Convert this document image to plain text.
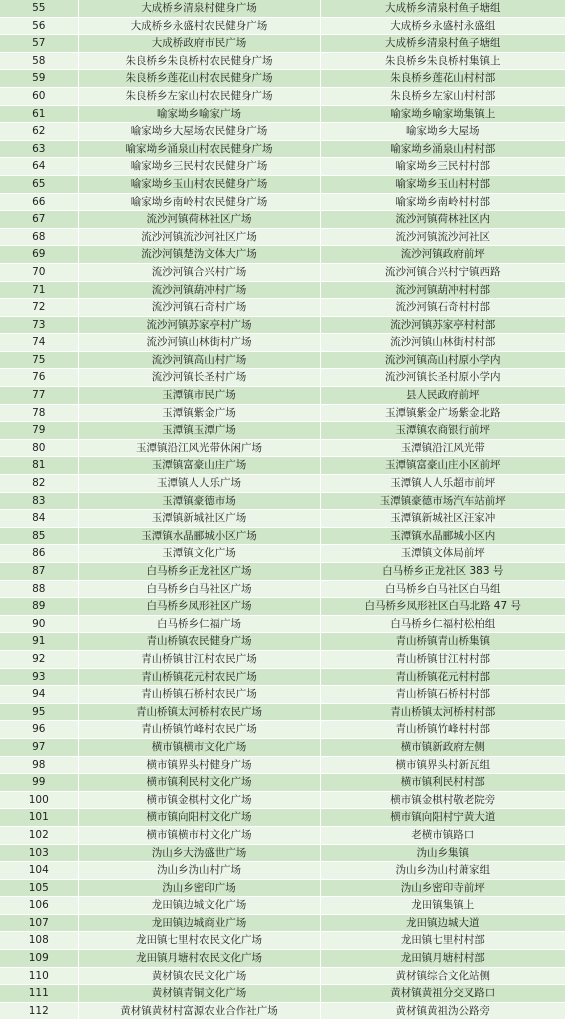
55	大成桥乡清泉村健身广场	大成桥乡清泉村鱼子塘组
56	大成桥乡永盛村农民健身广场	大成桥乡永盛村永盛组
57	大成桥政府市民广场	大成桥乡清泉村鱼子塘组
58	朱良桥乡朱良桥村农民健身广场	朱良桥乡朱良桥村集镇上
59	朱良桥乡莲花山村农民健身广场	朱良桥乡莲花山村村部
60	朱良桥乡左家山村农民健身广场	朱良桥乡左家山村村部
61	喻家坳乡喻家广场	喻家坳乡喻家坳集镇上
62	喻家坳乡大屋场农民健身广场	喻家坳乡大屋场
63	喻家坳乡涌泉山村农民健身广场	喻家坳乡涌泉山村村部
64	喻家坳乡三民村农民健身广场	喻家坳乡三民村村部
65	喻家坳乡玉山村农民健身广场	喻家坳乡玉山村村部
66	喻家坳乡南岭村农民健身广场	喻家坳乡南岭村村部
67	流沙河镇荷林社区广场	流沙河镇荷林社区内
68	流沙河镇流沙河社区广场	流沙河镇流沙河社区
69	流沙河镇楚沩文体大广场	流沙河镇政府前坪
70	流沙河镇合兴村广场	流沙河镇合兴村宁镇西路
71	流沙河镇葫冲村广场	流沙河镇葫冲村村部
72	流沙河镇石奇村广场	流沙河镇石奇村村部
73	流沙河镇苏家亭村广场	流沙河镇苏家亭村村部
74	流沙河镇山林街村广场	流沙河镇山林街村村部
75	流沙河镇高山村广场	流沙河镇高山村原小学内
76	流沙河镇长圣村广场	流沙河镇长圣村原小学内
77	玉潭镇市民广场	县人民政府前坪
78	玉潭镇紫金广场	玉潭镇紫金广场紫金北路
79	玉潭镇玉潭广场	玉潭镇农商银行前坪
80	玉潭镇沿江风光带休闲广场	玉潭镇沿江风光带
81	玉潭镇富豪山庄广场	玉潭镇富豪山庄小区前坪
82	玉潭镇人人乐广场	玉潭镇人人乐超市前坪
83	玉潭镇豪德市场	玉潭镇豪德市场汽车站前坪
84	玉潭镇新城社区广场	玉潭镇新城社区汪家冲
85	玉潭镇水晶郦城小区广场	玉潭镇水晶郦城小区内
86	玉潭镇文化广场	玉潭镇文体局前坪
87	白马桥乡正龙社区广场	白马桥乡正龙社区 383 号
88	白马桥乡白马社区广场	白马桥乡白马社区白马组
89	白马桥乡凤形社区广场	白马桥乡凤形社区白马北路 47 号
90	白马桥乡仁福广场	白马桥乡仁福村松柏组
91	青山桥镇农民健身广场	青山桥镇青山桥集镇
92	青山桥镇甘江村农民广场	青山桥镇甘江村村部
93	青山桥镇花元村农民广场	青山桥镇花元村村部
94	青山桥镇石桥村农民广场	青山桥镇石桥村村部
95	青山桥镇太河桥村农民广场	青山桥镇太河桥村村部
96	青山桥镇竹峰村农民广场	青山桥镇竹峰村村部
97	横市镇横市文化广场	横市镇新政府左侧
98	横市镇界头村健身广场	横市镇界头村新瓦组
99	横市镇利民村文化广场	横市镇利民村村部
100	横市镇金棋村文化广场	横市镇金棋村敬老院旁
101	横市镇向阳村文化广场	横市镇向阳村宁黄大道
102	横市镇横市村文化广场	老横市镇路口
103	沩山乡大沩盛世广场	沩山乡集镇
104	沩山乡沩山村广场	沩山乡沩山村萧家组
105	沩山乡密印广场	沩山乡密印寺前坪
106	龙田镇边城文化广场	龙田镇集镇上
107	龙田镇边城商业广场	龙田镇边城大道
108	龙田镇七里村农民文化广场	龙田镇七里村村部
109	龙田镇月塘村农民文化广场	龙田镇月塘村村部
110	黄材镇农民文化广场	黄材镇综合文化站侧
111	黄材镇青铜文化广场	黄材镇黄祖分交叉路口
112	黄材镇黄材村富源农业合作社广场	黄材镇黄祖沩公路旁
